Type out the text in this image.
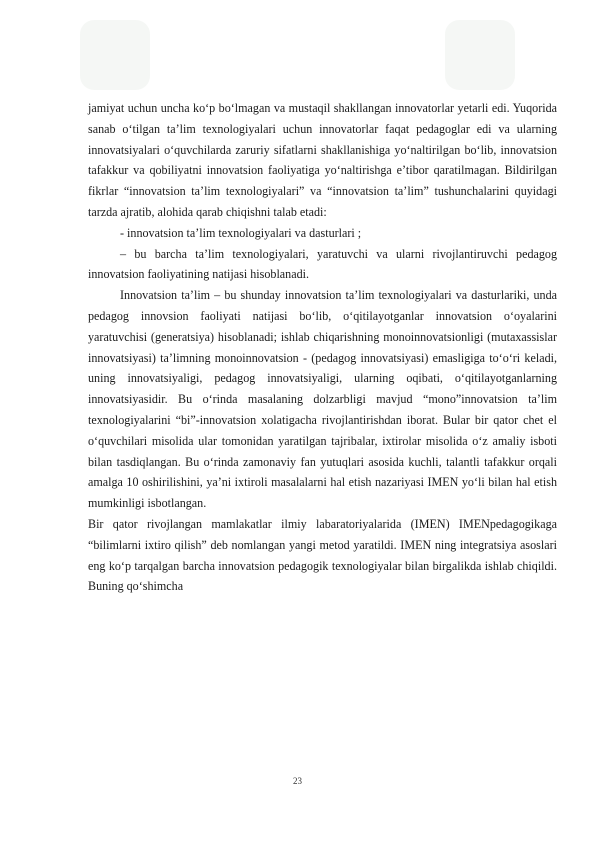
jamiyat uchun uncha ko‘p bo‘lmagan va mustaqil shakllangan innovatorlar yetarli edi. Yuqorida sanab o‘tilgan ta’lim texnologiyalari uchun innovatorlar faqat pedagoglar edi va ularning innovatsiyalari o‘quvchilarda zaruriy sifatlarni shakllanishiga yo‘naltirilgan bo‘lib, innovatsion tafakkur va qobiliyatni innovatsion faoliyatiga yo‘naltirishga e’tibor qaratilmagan. Bildirilgan fikrlar “innovatsion ta’lim texnologiyalari” va “innovatsion ta’lim” tushunchalarini quyidagi tarzda ajratib, alohida qarab chiqishni talab etadi:

- innovatsion ta’lim texnologiyalari va dasturlari ;

– bu barcha ta’lim texnologiyalari, yaratuvchi va ularni rivojlantiruvchi pedagog innovatsion faoliyatining natijasi hisoblanadi.

Innovatsion ta’lim – bu shunday innovatsion ta’lim texnologiyalari va dasturlariki, unda pedagog innovsion faoliyati natijasi bo‘lib, o‘qitilayotganlar innovatsion o‘oyalarini yaratuvchisi (generatsiya) hisoblanadi; ishlab chiqarishning monoinnovatsionligi (mutaxassislar innovatsiyasi) ta’limning monoinnovatsion - (pedagog innovatsiyasi) emasligiga to‘o‘ri keladi, uning innovatsiyaligi, pedagog innovatsiyaligi, ularning oqibati, o‘qitilayotganlarning innovatsiyasidir. Bu o‘rinda masalaning dolzarbligi mavjud “mono”innovatsion ta’lim texnologiyalarini “bi”-innovatsion xolatigacha rivojlantirishdan iborat. Bular bir qator chet el o‘quvchilari misolida ular tomonidan yaratilgan tajribalar, ixtirolar misolida o‘z amaliy isboti bilan tasdiqlangan. Bu o‘rinda zamonaviy fan yutuqlari asosida kuchli, talantli tafakkur orqali amalga 10 oshirilishini, ya’ni ixtiroli masalalarni hal etish nazariyasi IMEN yo‘li bilan hal etish mumkinligi isbotlangan.

Bir qator rivojlangan mamlakatlar ilmiy labaratoriyalarida (IMEN) IMENpedagogikaga “bilimlarni ixtiro qilish” deb nomlangan yangi metod yaratildi. IMEN ning integratsiya asoslari eng ko‘p tarqalgan barcha innovatsion pedagogik texnologiyalar bilan birgalikda ishlab chiqildi. Buning qo‘shimcha

23
